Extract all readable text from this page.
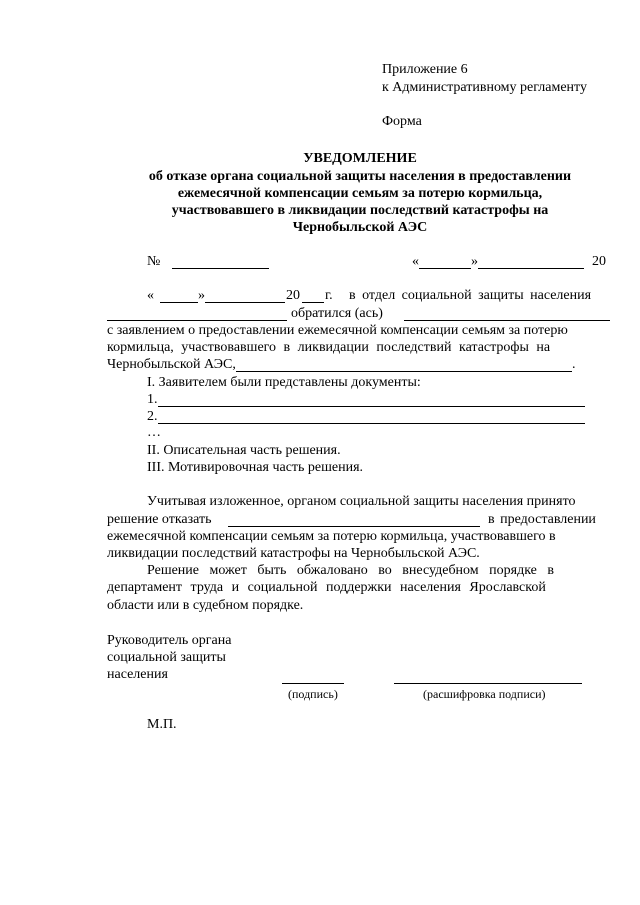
Приложение 6
к Административному регламенту
Форма
УВЕДОМЛЕНИЕ
об отказе органа социальной защиты населения в предоставлении
ежемесячной компенсации семьям за потерю кормильца,
участвовавшего в ликвидации последствий катастрофы на
Чернобыльской АЭС
№	«	»	20
«	»	20 г. в отдел социальной защиты населения
обратился (ась)
с заявлением о предоставлении ежемесячной компенсации семьям за потерю
кормильца, участвовавшего в ликвидации последствий катастрофы на
Чернобыльской АЭС,	.
I. Заявителем были представлены документы:
1.
2.
…
II. Описательная часть решения.
III. Мотивировочная часть решения.
Учитывая изложенное, органом социальной защиты населения принято
решение отказать	в предоставлении
ежемесячной компенсации семьям за потерю кормильца, участвовавшего в
ликвидации последствий катастрофы на Чернобыльской АЭС.
Решение может быть обжаловано во внесудебном порядке в
департамент труда и социальной поддержки населения Ярославской
области или в судебном порядке.
Руководитель органа
социальной защиты
населения
(подпись)	(расшифровка подписи)
М.П.
